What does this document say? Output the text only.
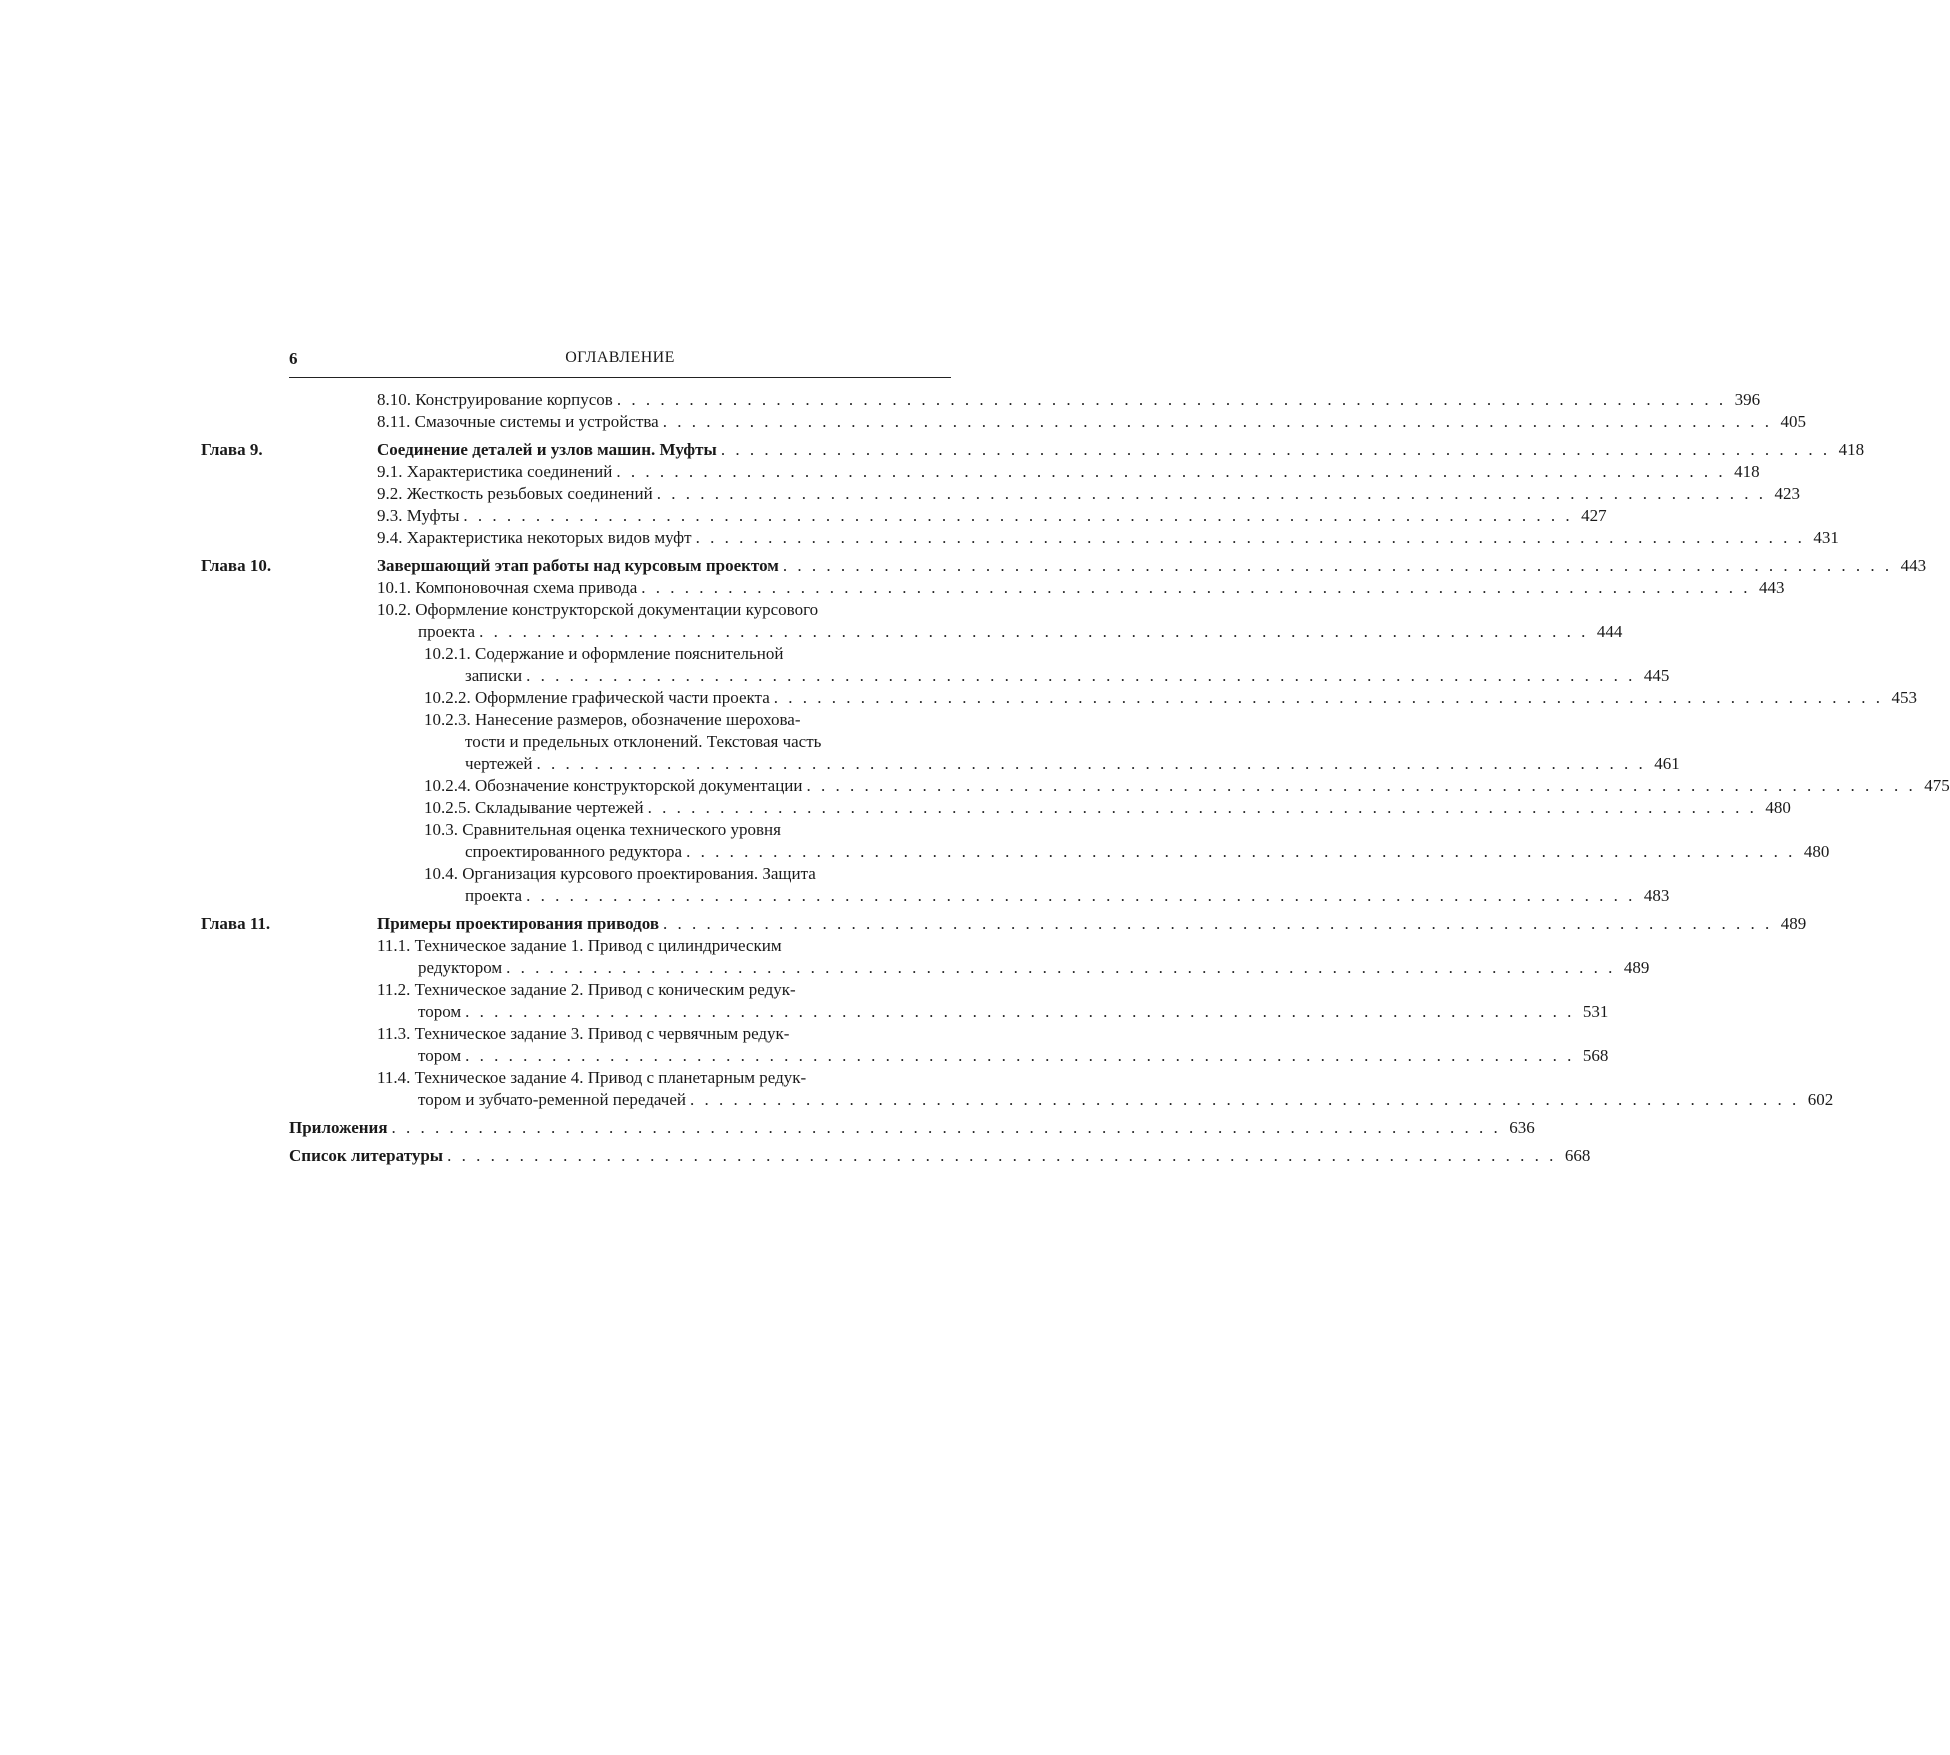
6	ОГЛАВЛЕНИЕ
8.10. Конструирование корпусов . . . . . . . . . . . . . . . . . . . . . . . . . . . . . . . . . . . . . . . . . . . . . . . . . . . . . . . . . . . . . . . . . . . . . . . . . . . . . 396
8.11. Смазочные системы и устройства . . . . . . . . . . . . . . . . . . . . . . . . . . . . . . . . . . . . . . . . . . . . . . . . . . . . . . . . . . . . . . . . . . . . . . . . . . . . . 405
Глава 9.	Соединение деталей и узлов машин. Муфты . . . . . . . . . . . . . . . . . . . . . . . . . . . . . . . . . . . . . . . . . . . . . . . . . . . . . . . . . . . . . . . . . . . . . . . . . . . . . 418
9.1. Характеристика соединений . . . . . . . . . . . . . . . . . . . . . . . . . . . . . . . . . . . . . . . . . . . . . . . . . . . . . . . . . . . . . . . . . . . . . . . . . . . . . 418
9.2. Жесткость резьбовых соединений . . . . . . . . . . . . . . . . . . . . . . . . . . . . . . . . . . . . . . . . . . . . . . . . . . . . . . . . . . . . . . . . . . . . . . . . . . . . . 423
9.3. Муфты . . . . . . . . . . . . . . . . . . . . . . . . . . . . . . . . . . . . . . . . . . . . . . . . . . . . . . . . . . . . . . . . . . . . . . . . . . . . . 427
9.4. Характеристика некоторых видов муфт . . . . . . . . . . . . . . . . . . . . . . . . . . . . . . . . . . . . . . . . . . . . . . . . . . . . . . . . . . . . . . . . . . . . . . . . . . . . . 431
Глава 10.	Завершающий этап работы над курсовым проектом . . . . . . . . . . . . . . . . . . . . . . . . . . . . . . . . . . . . . . . . . . . . . . . . . . . . . . . . . . . . . . . . . . . . . . . . . . . . . 443
10.1. Компоновочная схема привода . . . . . . . . . . . . . . . . . . . . . . . . . . . . . . . . . . . . . . . . . . . . . . . . . . . . . . . . . . . . . . . . . . . . . . . . . . . . . 443
10.2. Оформление конструкторской документации курсового
проекта . . . . . . . . . . . . . . . . . . . . . . . . . . . . . . . . . . . . . . . . . . . . . . . . . . . . . . . . . . . . . . . . . . . . . . . . . . . . . 444
10.2.1. Содержание и оформление пояснительной
записки . . . . . . . . . . . . . . . . . . . . . . . . . . . . . . . . . . . . . . . . . . . . . . . . . . . . . . . . . . . . . . . . . . . . . . . . . . . . . 445
10.2.2. Оформление графической части проекта . . . . . . . . . . . . . . . . . . . . . . . . . . . . . . . . . . . . . . . . . . . . . . . . . . . . . . . . . . . . . . . . . . . . . . . . . . . . . 453
10.2.3. Нанесение размеров, обозначение шерохова-
тости и предельных отклонений. Текстовая часть
чертежей . . . . . . . . . . . . . . . . . . . . . . . . . . . . . . . . . . . . . . . . . . . . . . . . . . . . . . . . . . . . . . . . . . . . . . . . . . . . . 461
10.2.4. Обозначение конструкторской документации . . . . . . . . . . . . . . . . . . . . . . . . . . . . . . . . . . . . . . . . . . . . . . . . . . . . . . . . . . . . . . . . . . . . . . . . . . . . . 475
10.2.5. Складывание чертежей . . . . . . . . . . . . . . . . . . . . . . . . . . . . . . . . . . . . . . . . . . . . . . . . . . . . . . . . . . . . . . . . . . . . . . . . . . . . . 480
10.3. Сравнительная оценка технического уровня
спроектированного редуктора . . . . . . . . . . . . . . . . . . . . . . . . . . . . . . . . . . . . . . . . . . . . . . . . . . . . . . . . . . . . . . . . . . . . . . . . . . . . . 480
10.4. Организация курсового проектирования. Защита
проекта . . . . . . . . . . . . . . . . . . . . . . . . . . . . . . . . . . . . . . . . . . . . . . . . . . . . . . . . . . . . . . . . . . . . . . . . . . . . . 483
Глава 11.	Примеры проектирования приводов . . . . . . . . . . . . . . . . . . . . . . . . . . . . . . . . . . . . . . . . . . . . . . . . . . . . . . . . . . . . . . . . . . . . . . . . . . . . . 489
11.1. Техническое задание 1. Привод с цилиндрическим
редуктором . . . . . . . . . . . . . . . . . . . . . . . . . . . . . . . . . . . . . . . . . . . . . . . . . . . . . . . . . . . . . . . . . . . . . . . . . . . . . 489
11.2. Техническое задание 2. Привод с коническим редук-
тором . . . . . . . . . . . . . . . . . . . . . . . . . . . . . . . . . . . . . . . . . . . . . . . . . . . . . . . . . . . . . . . . . . . . . . . . . . . . . 531
11.3. Техническое задание 3. Привод с червячным редук-
тором . . . . . . . . . . . . . . . . . . . . . . . . . . . . . . . . . . . . . . . . . . . . . . . . . . . . . . . . . . . . . . . . . . . . . . . . . . . . . 568
11.4. Техническое задание 4. Привод с планетарным редук-
тором и зубчато-ременной передачей . . . . . . . . . . . . . . . . . . . . . . . . . . . . . . . . . . . . . . . . . . . . . . . . . . . . . . . . . . . . . . . . . . . . . . . . . . . . . 602
Приложения . . . . . . . . . . . . . . . . . . . . . . . . . . . . . . . . . . . . . . . . . . . . . . . . . . . . . . . . . . . . . . . . . . . . . . . . . . . . . 636
Список литературы . . . . . . . . . . . . . . . . . . . . . . . . . . . . . . . . . . . . . . . . . . . . . . . . . . . . . . . . . . . . . . . . . . . . . . . . . . . . . 668
